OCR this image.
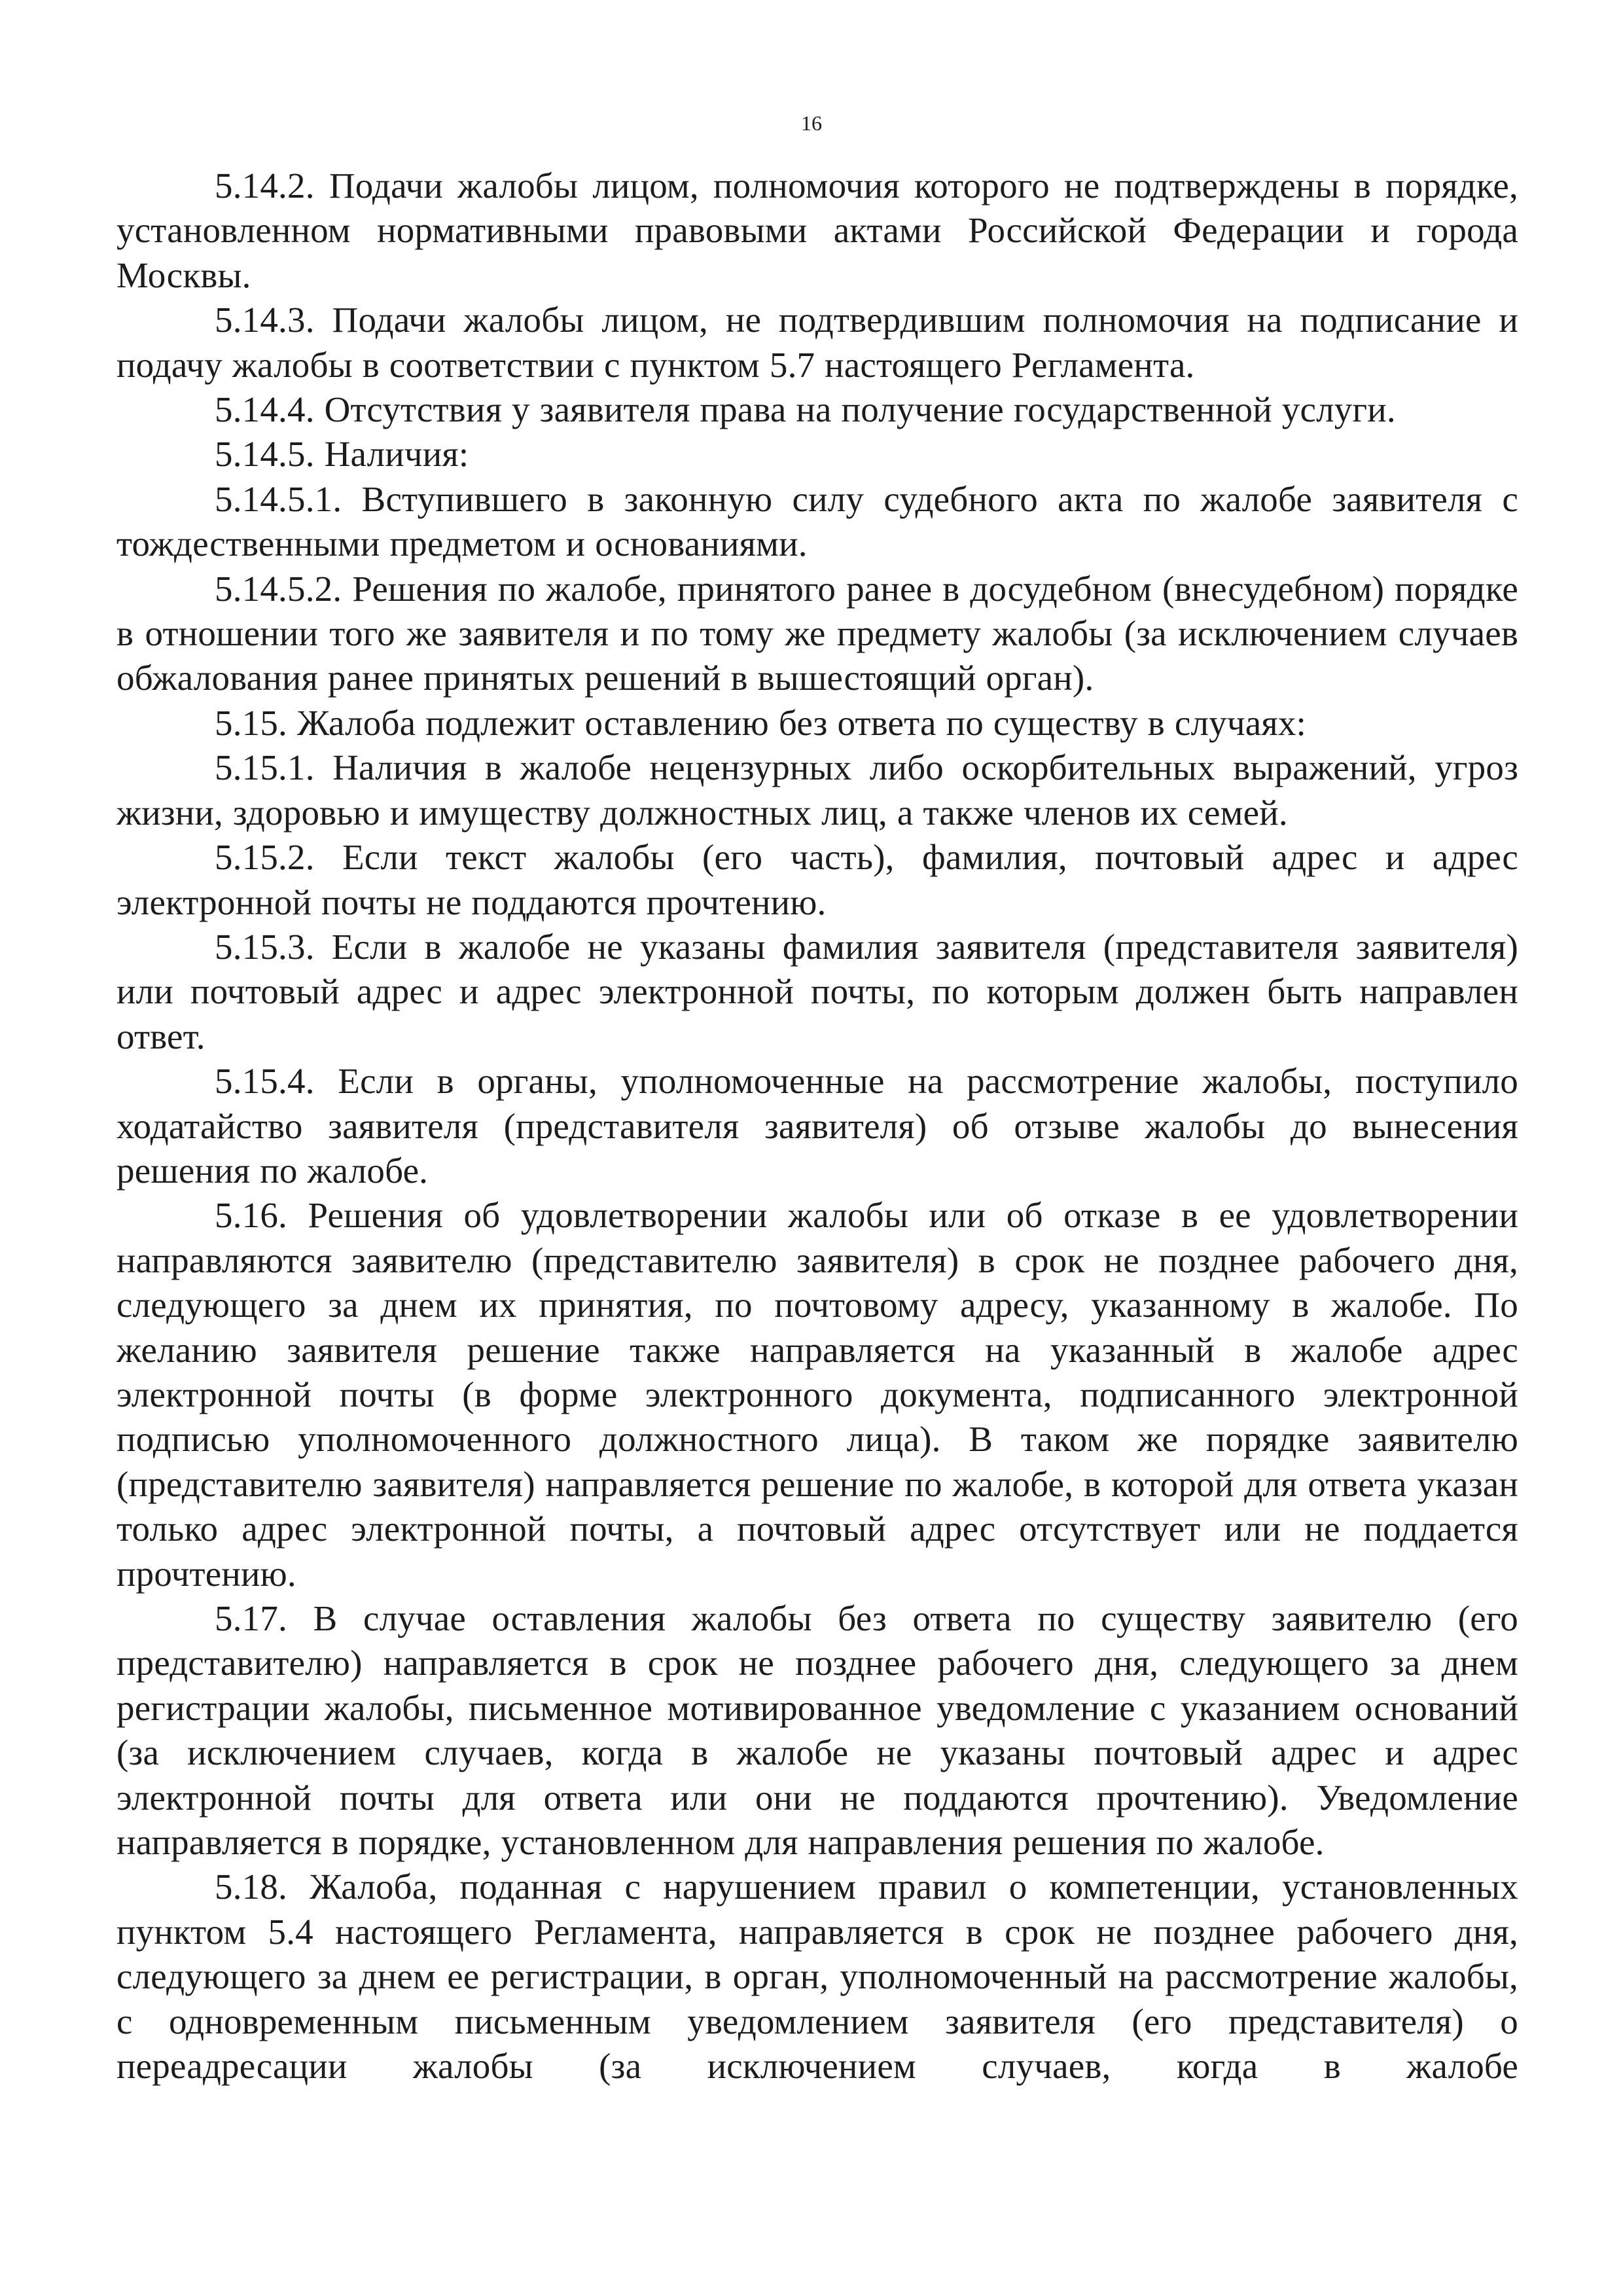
16

5.14.2. Подачи жалобы лицом, полномочия которого не подтверждены в порядке, установленном нормативными правовыми актами Российской Федерации и города Москвы.

5.14.3. Подачи жалобы лицом, не подтвердившим полномочия на подписание и подачу жалобы в соответствии с пунктом 5.7 настоящего Регламента.

5.14.4. Отсутствия у заявителя права на получение государственной услуги.

5.14.5. Наличия:

5.14.5.1. Вступившего в законную силу судебного акта по жалобе заявителя с тождественными предметом и основаниями.

5.14.5.2. Решения по жалобе, принятого ранее в досудебном (внесудебном) порядке в отношении того же заявителя и по тому же предмету жалобы (за исключением случаев обжалования ранее принятых решений в вышестоящий орган).

5.15. Жалоба подлежит оставлению без ответа по существу в случаях:

5.15.1. Наличия в жалобе нецензурных либо оскорбительных выражений, угроз жизни, здоровью и имуществу должностных лиц, а также членов их семей.

5.15.2. Если текст жалобы (его часть), фамилия, почтовый адрес и адрес электронной почты не поддаются прочтению.

5.15.3. Если в жалобе не указаны фамилия заявителя (представителя заявителя) или почтовый адрес и адрес электронной почты, по которым должен быть направлен ответ.

5.15.4. Если в органы, уполномоченные на рассмотрение жалобы, поступило ходатайство заявителя (представителя заявителя) об отзыве жалобы до вынесения решения по жалобе.

5.16. Решения об удовлетворении жалобы или об отказе в ее удовлетворении направляются заявителю (представителю заявителя) в срок не позднее рабочего дня, следующего за днем их принятия, по почтовому адресу, указанному в жалобе. По желанию заявителя решение также направляется на указанный в жалобе адрес электронной почты (в форме электронного документа, подписанного электронной подписью уполномоченного должностного лица). В таком же порядке заявителю (представителю заявителя) направляется решение по жалобе, в которой для ответа указан только адрес электронной почты, а почтовый адрес отсутствует или не поддается прочтению.

5.17. В случае оставления жалобы без ответа по существу заявителю (его представителю) направляется в срок не позднее рабочего дня, следующего за днем регистрации жалобы, письменное мотивированное уведомление с указанием оснований (за исключением случаев, когда в жалобе не указаны почтовый адрес и адрес электронной почты для ответа или они не поддаются прочтению). Уведомление направляется в порядке, установленном для направления решения по жалобе.

5.18. Жалоба, поданная с нарушением правил о компетенции, установленных пунктом 5.4 настоящего Регламента, направляется в срок не позднее рабочего дня, следующего за днем ее регистрации, в орган, уполномоченный на рассмотрение жалобы, с одновременным письменным уведомлением заявителя (его представителя) о переадресации жалобы (за исключением случаев, когда в жалобе
